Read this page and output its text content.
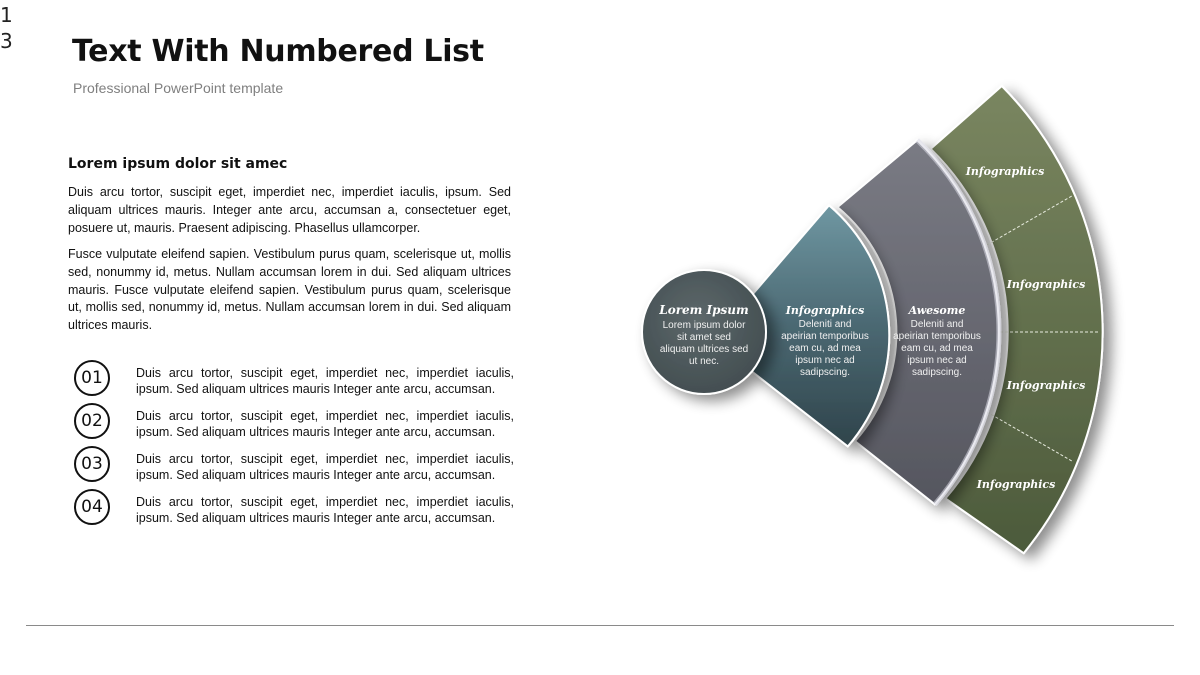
13 Text With Numbered List
Professional PowerPoint template
Lorem ipsum dolor sit amec

Duis arcu tortor, suscipit eget, imperdiet nec, imperdiet iaculis, ipsum. Sed aliquam ultrices mauris. Integer ante arcu, accumsan a, consectetuer eget, posuere ut, mauris. Praesent adipiscing. Phasellus ullamcorper.

Fusce vulputate eleifend sapien. Vestibulum purus quam, scelerisque ut, mollis sed, nonummy id, metus. Nullam accumsan lorem in dui. Sed aliquam ultrices mauris. Fusce vulputate eleifend sapien. Vestibulum purus quam, scelerisque ut, mollis sed, nonummy id, metus. Nullam accumsan lorem in dui. Sed aliquam ultrices mauris.

01	Duis arcu tortor, suscipit eget, imperdiet nec, imperdiet iaculis, ipsum. Sed aliquam ultrices mauris Integer ante arcu, accumsan.
02	Duis arcu tortor, suscipit eget, imperdiet nec, imperdiet iaculis, ipsum. Sed aliquam ultrices mauris Integer ante arcu, accumsan.
03	Duis arcu tortor, suscipit eget, imperdiet nec, imperdiet iaculis, ipsum. Sed aliquam ultrices mauris Integer ante arcu, accumsan.
04	Duis arcu tortor, suscipit eget, imperdiet nec, imperdiet iaculis, ipsum. Sed aliquam ultrices mauris Integer ante arcu, accumsan.
Lorem Ipsum
Lorem ipsum dolor
sit amet sed
aliquam ultrices sed
ut nec.
Infographics
Deleniti and
apeirian temporibus
eam cu, ad mea
ipsum nec ad
sadipscing.
Awesome
Deleniti and
apeirian temporibus
eam cu, ad mea
ipsum nec ad
sadipscing.
Infographics
Infographics
Infographics
Infographics
